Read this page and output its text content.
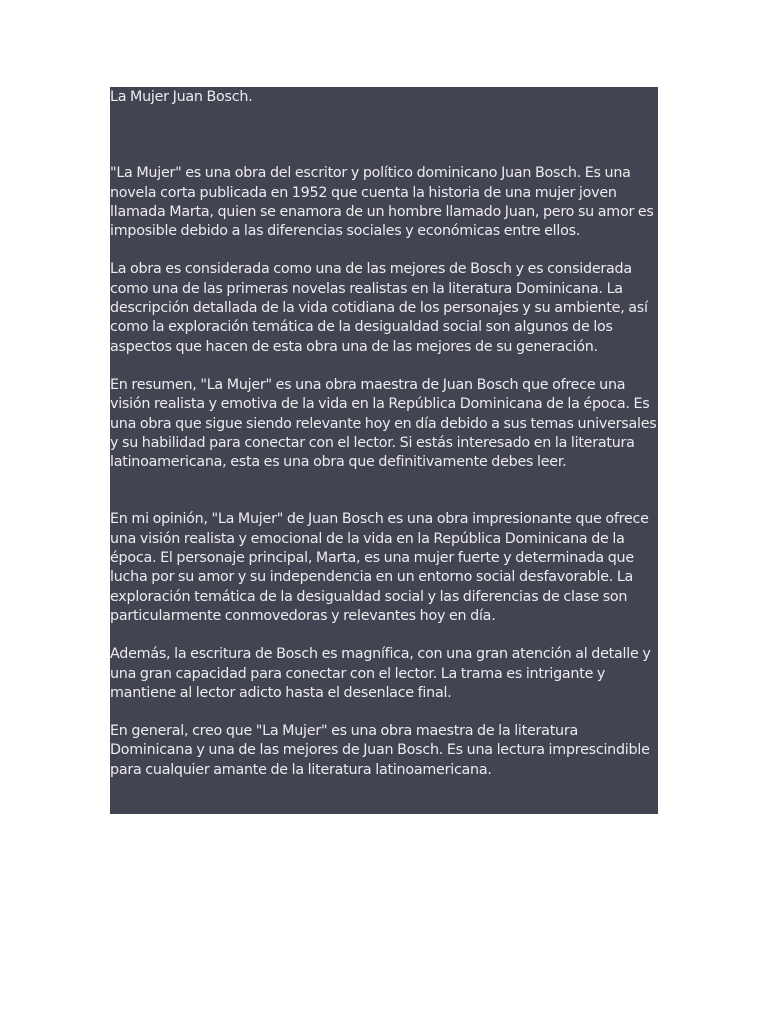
La Mujer Juan Bosch.

"La Mujer" es una obra del escritor y político dominicano Juan Bosch. Es una novela corta publicada en 1952 que cuenta la historia de una mujer joven llamada Marta, quien se enamora de un hombre llamado Juan, pero su amor es imposible debido a las diferencias sociales y económicas entre ellos.

La obra es considerada como una de las mejores de Bosch y es considerada como una de las primeras novelas realistas en la literatura Dominicana. La descripción detallada de la vida cotidiana de los personajes y su ambiente, así como la exploración temática de la desigualdad social son algunos de los aspectos que hacen de esta obra una de las mejores de su generación.

En resumen, "La Mujer" es una obra maestra de Juan Bosch que ofrece una visión realista y emotiva de la vida en la República Dominicana de la época. Es una obra que sigue siendo relevante hoy en día debido a sus temas universales y su habilidad para conectar con el lector. Si estás interesado en la literatura latinoamericana, esta es una obra que definitivamente debes leer.

En mi opinión, "La Mujer" de Juan Bosch es una obra impresionante que ofrece una visión realista y emocional de la vida en la República Dominicana de la época. El personaje principal, Marta, es una mujer fuerte y determinada que lucha por su amor y su independencia en un entorno social desfavorable. La exploración temática de la desigualdad social y las diferencias de clase son particularmente conmovedoras y relevantes hoy en día.

Además, la escritura de Bosch es magnífica, con una gran atención al detalle y una gran capacidad para conectar con el lector. La trama es intrigante y mantiene al lector adicto hasta el desenlace final.

En general, creo que "La Mujer" es una obra maestra de la literatura Dominicana y una de las mejores de Juan Bosch. Es una lectura imprescindible para cualquier amante de la literatura latinoamericana.
